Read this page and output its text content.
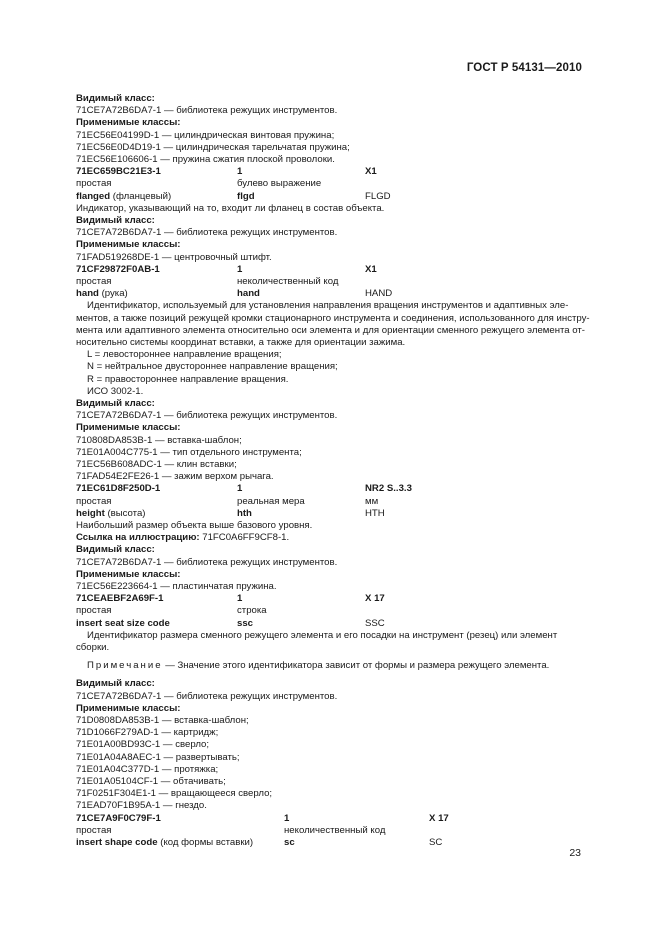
ГОСТ Р 54131—2010
Видимый класс:
71CE7A72B6DA7-1 — библиотека режущих инструментов.
Применимые классы:
71EC56E04199D-1 — цилиндрическая винтовая пружина;
71EC56E0D4D19-1 — цилиндрическая тарельчатая пружина;
71EC56E106606-1 — пружина сжатия плоской проволоки.
71EC659BC21E3-1	1	X1
простая	булево выражение
flanged (фланцевый)	flgd	FLGD
Индикатор, указывающий на то, входит ли фланец в состав объекта.
Видимый класс:
71CE7A72B6DA7-1 — библиотека режущих инструментов.
Применимые классы:
71FAD519268DE-1 — центровочный штифт.
71CF29872F0AB-1	1	X1
простая	неколичественный код
hand (рука)	hand	HAND
Идентификатор, используемый для установления направления вращения инструментов и адаптивных эле-
ментов, а также позиций режущей кромки стационарного инструмента и соединения, использованного для инстру-
мента или адаптивного элемента относительно оси элемента и для ориентации сменного режущего элемента от-
носительно системы координат вставки, а также для ориентации зажима.
L = левостороннее направление вращения;
N = нейтральное двустороннее направление вращения;
R = правостороннее направление вращения.
ИСО 3002-1.
Видимый класс:
71CE7A72B6DA7-1 — библиотека режущих инструментов.
Применимые классы:
710808DA853B-1 — вставка-шаблон;
71E01A004C775-1 — тип отдельного инструмента;
71EC56B608ADC-1 — клин вставки;
71FAD54E2FE26-1 — зажим верхом рычага.
71EC61D8F250D-1	1	NR2 S..3.3
простая	реальная мера	мм
height (высота)	hth	HTH
Наибольший размер объекта выше базового уровня.
Ссылка на иллюстрацию: 71FC0A6FF9CF8-1.
Видимый класс:
71CE7A72B6DA7-1 — библиотека режущих инструментов.
Применимые классы:
71EC56E223664-1 — пластинчатая пружина.
71CEAEBF2A69F-1	1	X 17
простая	строка
insert seat size code	ssc	SSC
Идентификатор размера сменного режущего элемента и его посадки на инструмент (резец) или элемент
сборки.
Примечание — Значение этого идентификатора зависит от формы и размера режущего элемента.
Видимый класс:
71CE7A72B6DA7-1 — библиотека режущих инструментов.
Применимые классы:
71D0808DA853B-1 — вставка-шаблон;
71D1066F279AD-1 — картридж;
71E01A00BD93C-1 — сверло;
71E01A04A8AEC-1 — развертывать;
71E01A04C377D-1 — протяжка;
71E01A05104CF-1 — обтачивать;
71F0251F304E1-1 — вращающееся сверло;
71EAD70F1B95A-1 — гнездо.
71CE7A9F0C79F-1	1	X 17
простая	неколичественный код
insert shape code (код формы вставки)	sc	SC
23
